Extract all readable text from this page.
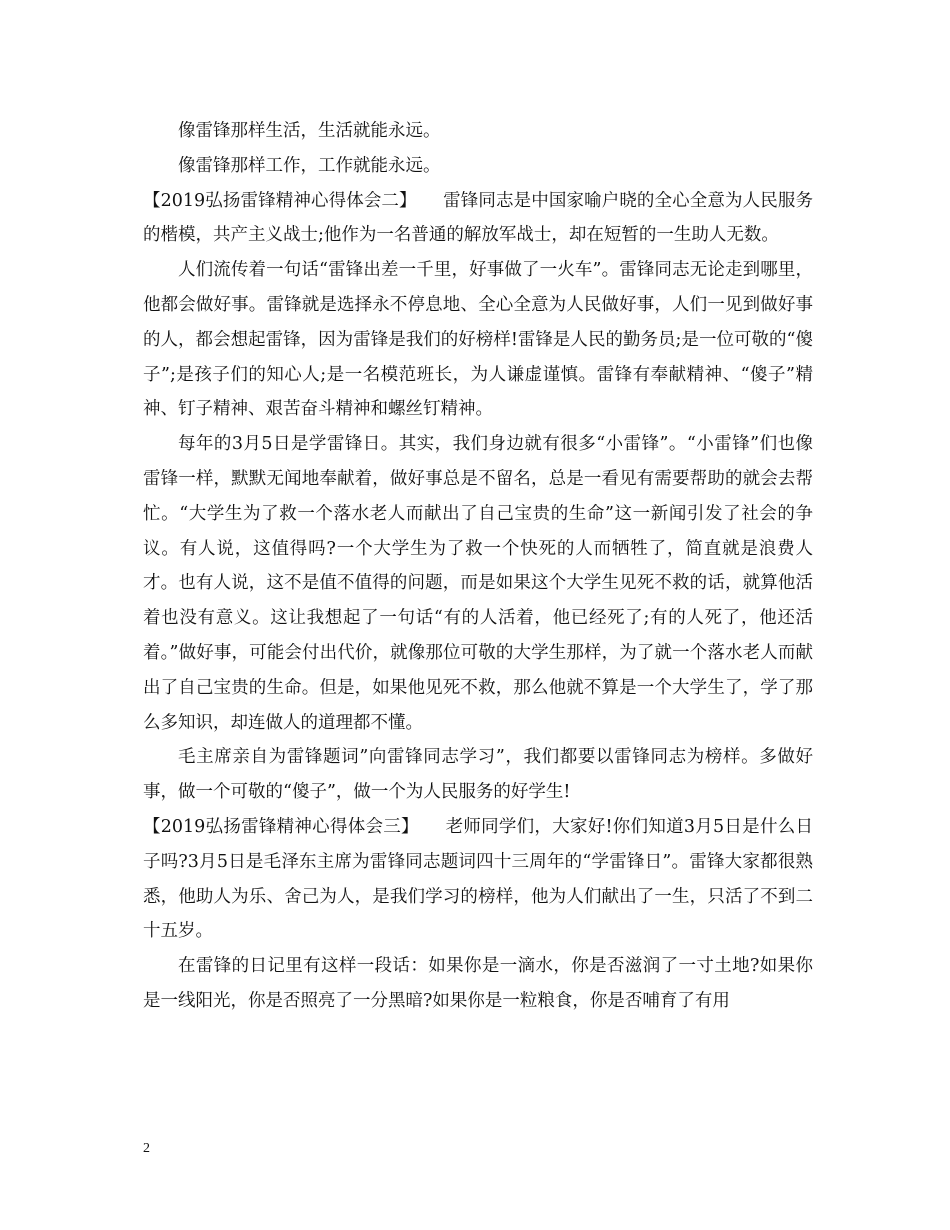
像雷锋那样生活，生活就能永远。

像雷锋那样工作，工作就能永远。

【2019弘扬雷锋精神心得体会二】　　雷锋同志是中国家喻户晓的全心全意为人民服务的楷模，共产主义战士;他作为一名普通的解放军战士，却在短暂的一生助人无数。

人们流传着一句话“雷锋出差一千里，好事做了一火车”。雷锋同志无论走到哪里，他都会做好事。雷锋就是选择永不停息地、全心全意为人民做好事，人们一见到做好事的人，都会想起雷锋，因为雷锋是我们的好榜样!雷锋是人民的勤务员;是一位可敬的“傻子”;是孩子们的知心人;是一名模范班长，为人谦虚谨慎。雷锋有奉献精神、“傻子”精神、钉子精神、艰苦奋斗精神和螺丝钉精神。

每年的3月5日是学雷锋日。其实，我们身边就有很多“小雷锋”。“小雷锋”们也像雷锋一样，默默无闻地奉献着，做好事总是不留名，总是一看见有需要帮助的就会去帮忙。“大学生为了救一个落水老人而献出了自己宝贵的生命”这一新闻引发了社会的争议。有人说，这值得吗?一个大学生为了救一个快死的人而牺牲了，简直就是浪费人才。也有人说，这不是值不值得的问题，而是如果这个大学生见死不救的话，就算他活着也没有意义。这让我想起了一句话“有的人活着，他已经死了;有的人死了，他还活着。”做好事，可能会付出代价，就像那位可敬的大学生那样，为了就一个落水老人而献出了自己宝贵的生命。但是，如果他见死不救，那么他就不算是一个大学生了，学了那么多知识，却连做人的道理都不懂。

毛主席亲自为雷锋题词”向雷锋同志学习”，我们都要以雷锋同志为榜样。多做好事，做一个可敬的“傻子”，做一个为人民服务的好学生!

【2019弘扬雷锋精神心得体会三】　　老师同学们，大家好!你们知道3月5日是什么日子吗?3月5日是毛泽东主席为雷锋同志题词四十三周年的“学雷锋日”。雷锋大家都很熟悉，他助人为乐、舍己为人，是我们学习的榜样，他为人们献出了一生，只活了不到二十五岁。

在雷锋的日记里有这样一段话：如果你是一滴水，你是否滋润了一寸土地?如果你是一线阳光，你是否照亮了一分黑暗?如果你是一粒粮食，你是否哺育了有用

2
